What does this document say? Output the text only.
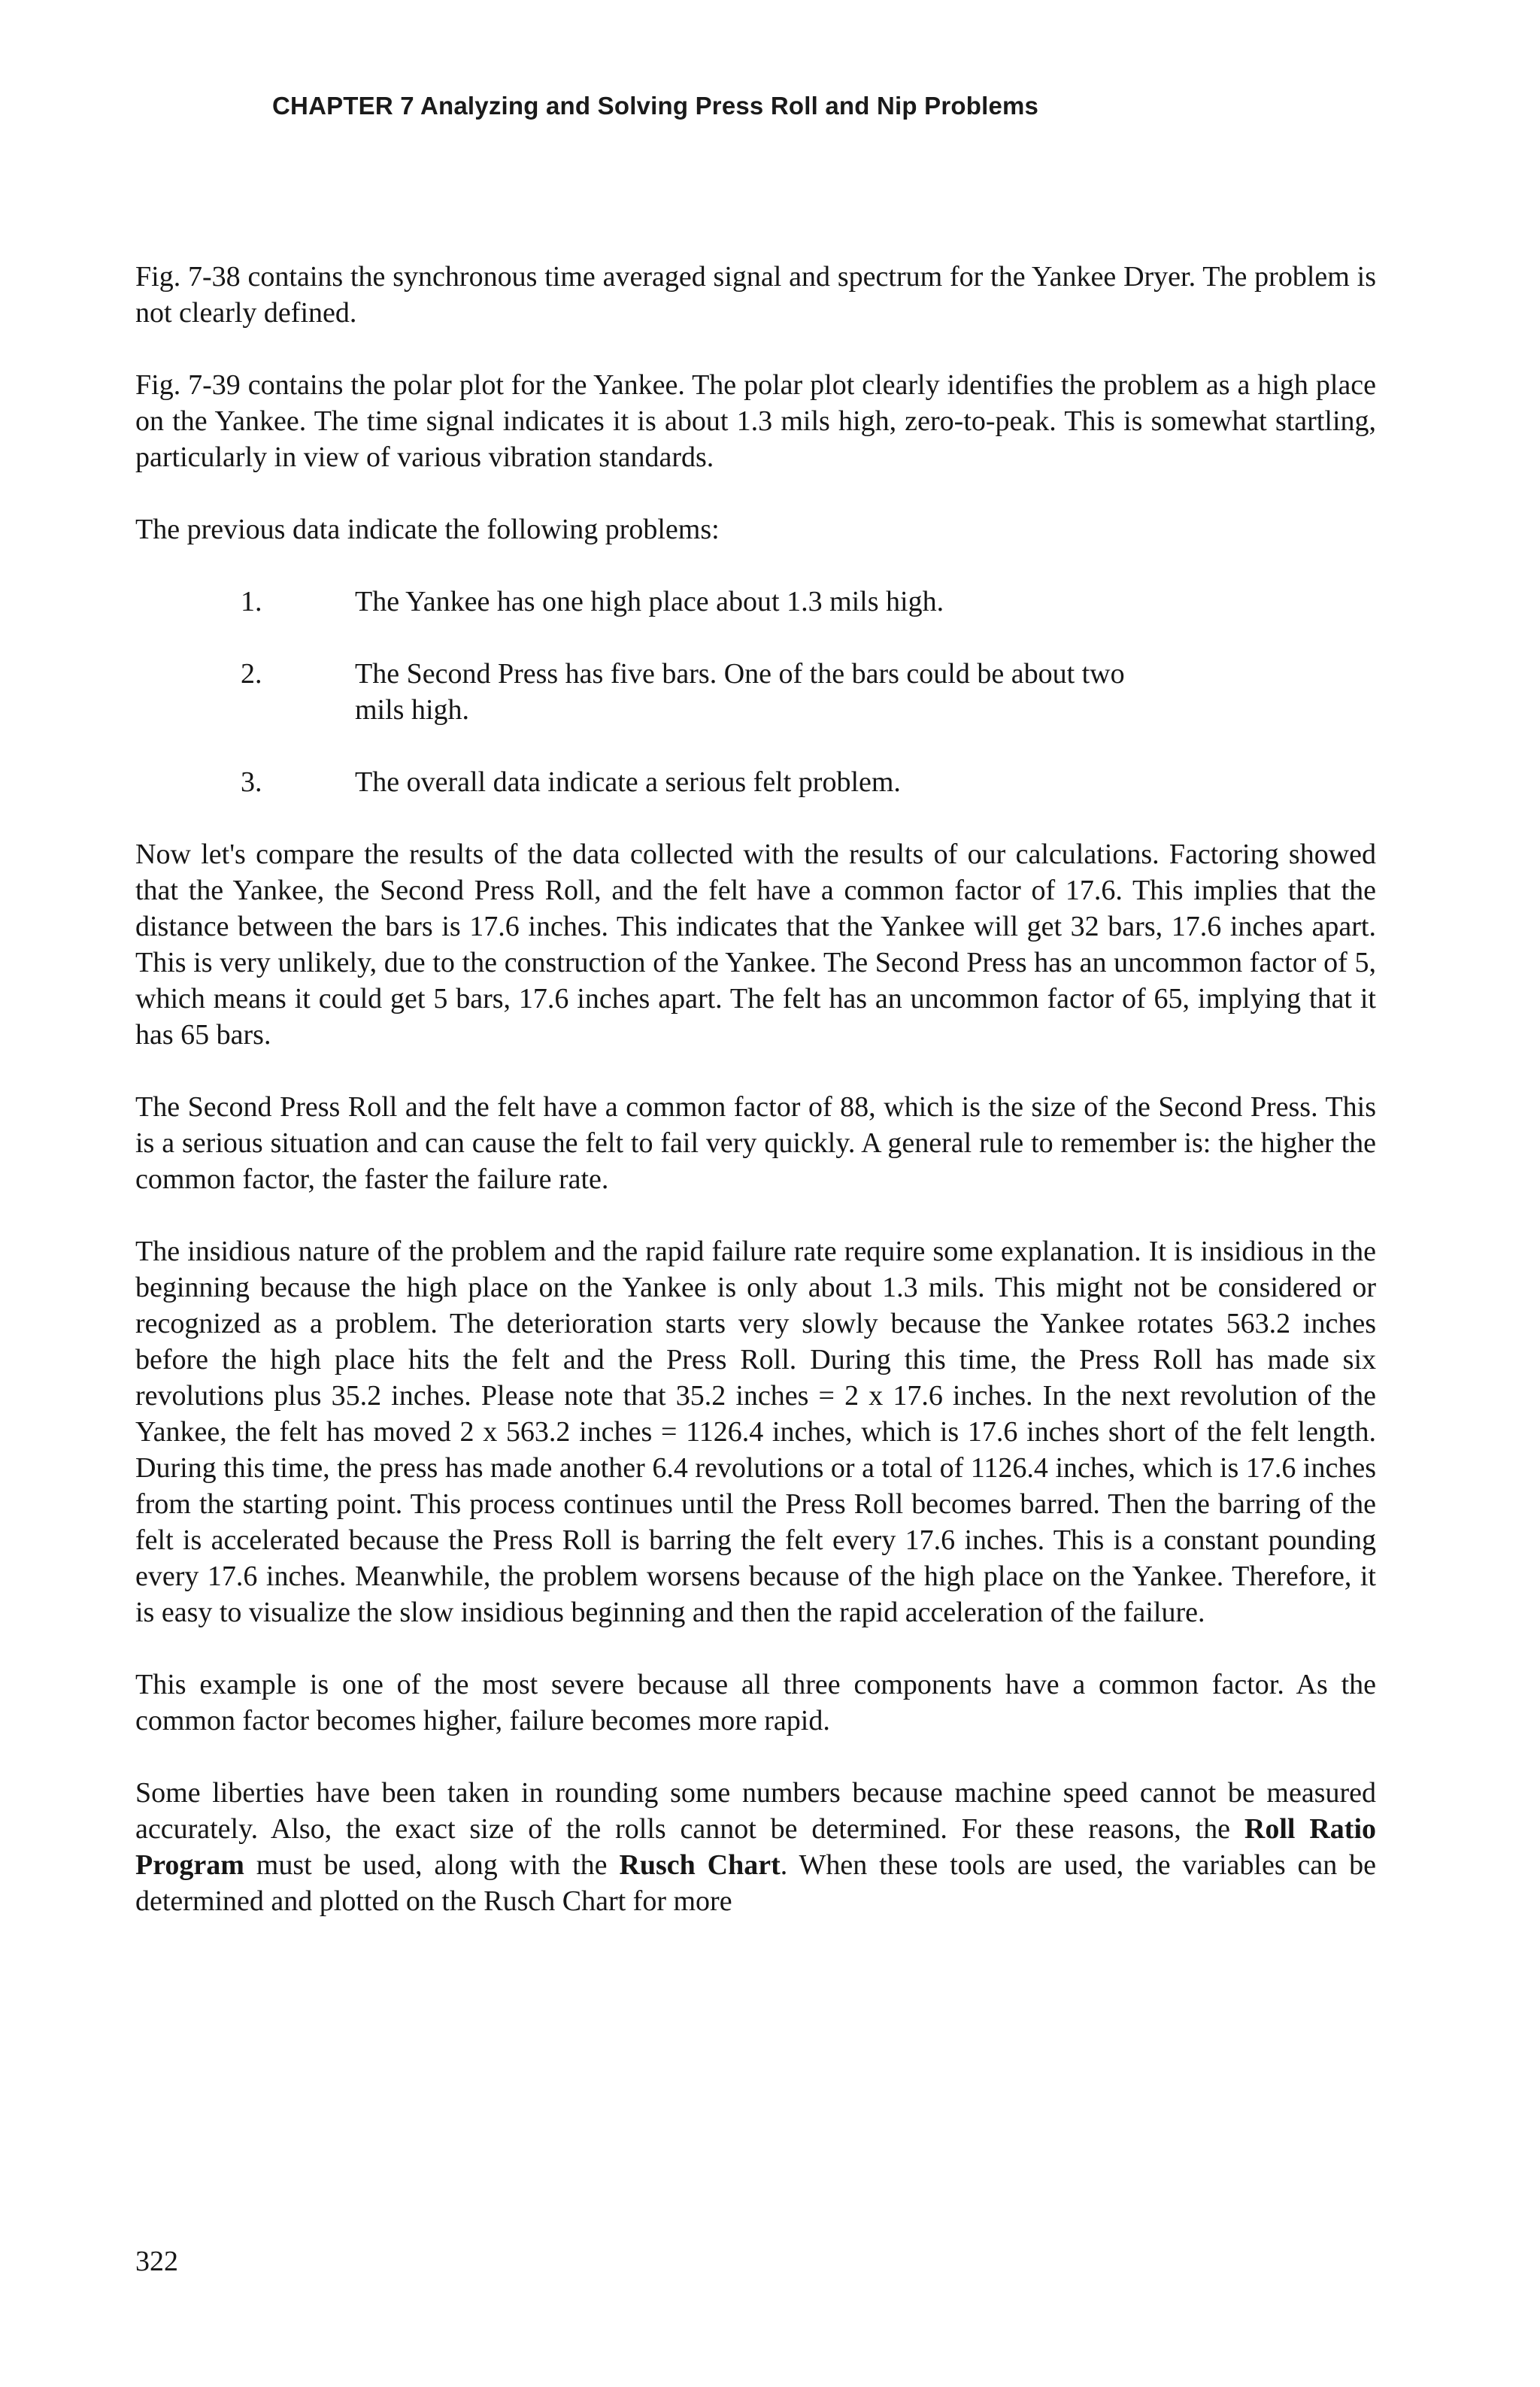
CHAPTER 7 Analyzing and Solving Press Roll and Nip Problems

Fig. 7-38 contains the synchronous time averaged signal and spectrum for the Yankee Dryer. The problem is not clearly defined.

Fig. 7-39 contains the polar plot for the Yankee. The polar plot clearly identifies the problem as a high place on the Yankee. The time signal indicates it is about 1.3 mils high, zero-to-peak. This is somewhat startling, particularly in view of various vibration standards.

The previous data indicate the following problems:

1.	The Yankee has one high place about 1.3 mils high.
2.	The Second Press has five bars. One of the bars could be about two mils high.
3.	The overall data indicate a serious felt problem.

Now let's compare the results of the data collected with the results of our calculations. Factoring showed that the Yankee, the Second Press Roll, and the felt have a common factor of 17.6. This implies that the distance between the bars is 17.6 inches. This indicates that the Yankee will get 32 bars, 17.6 inches apart. This is very unlikely, due to the construction of the Yankee. The Second Press has an uncommon factor of 5, which means it could get 5 bars, 17.6 inches apart. The felt has an uncommon factor of 65, implying that it has 65 bars.

The Second Press Roll and the felt have a common factor of 88, which is the size of the Second Press. This is a serious situation and can cause the felt to fail very quickly. A general rule to remember is: the higher the common factor, the faster the failure rate.

The insidious nature of the problem and the rapid failure rate require some explanation. It is insidious in the beginning because the high place on the Yankee is only about 1.3 mils. This might not be considered or recognized as a problem. The deterioration starts very slowly because the Yankee rotates 563.2 inches before the high place hits the felt and the Press Roll. During this time, the Press Roll has made six revolutions plus 35.2 inches. Please note that 35.2 inches = 2 x 17.6 inches. In the next revolution of the Yankee, the felt has moved 2 x 563.2 inches = 1126.4 inches, which is 17.6 inches short of the felt length. During this time, the press has made another 6.4 revolutions or a total of 1126.4 inches, which is 17.6 inches from the starting point. This process continues until the Press Roll becomes barred. Then the barring of the felt is accelerated because the Press Roll is barring the felt every 17.6 inches. This is a constant pounding every 17.6 inches. Meanwhile, the problem worsens because of the high place on the Yankee. Therefore, it is easy to visualize the slow insidious beginning and then the rapid acceleration of the failure.

This example is one of the most severe because all three components have a common factor. As the common factor becomes higher, failure becomes more rapid.

Some liberties have been taken in rounding some numbers because machine speed cannot be measured accurately. Also, the exact size of the rolls cannot be determined. For these reasons, the Roll Ratio Program must be used, along with the Rusch Chart. When these tools are used, the variables can be determined and plotted on the Rusch Chart for more

322
